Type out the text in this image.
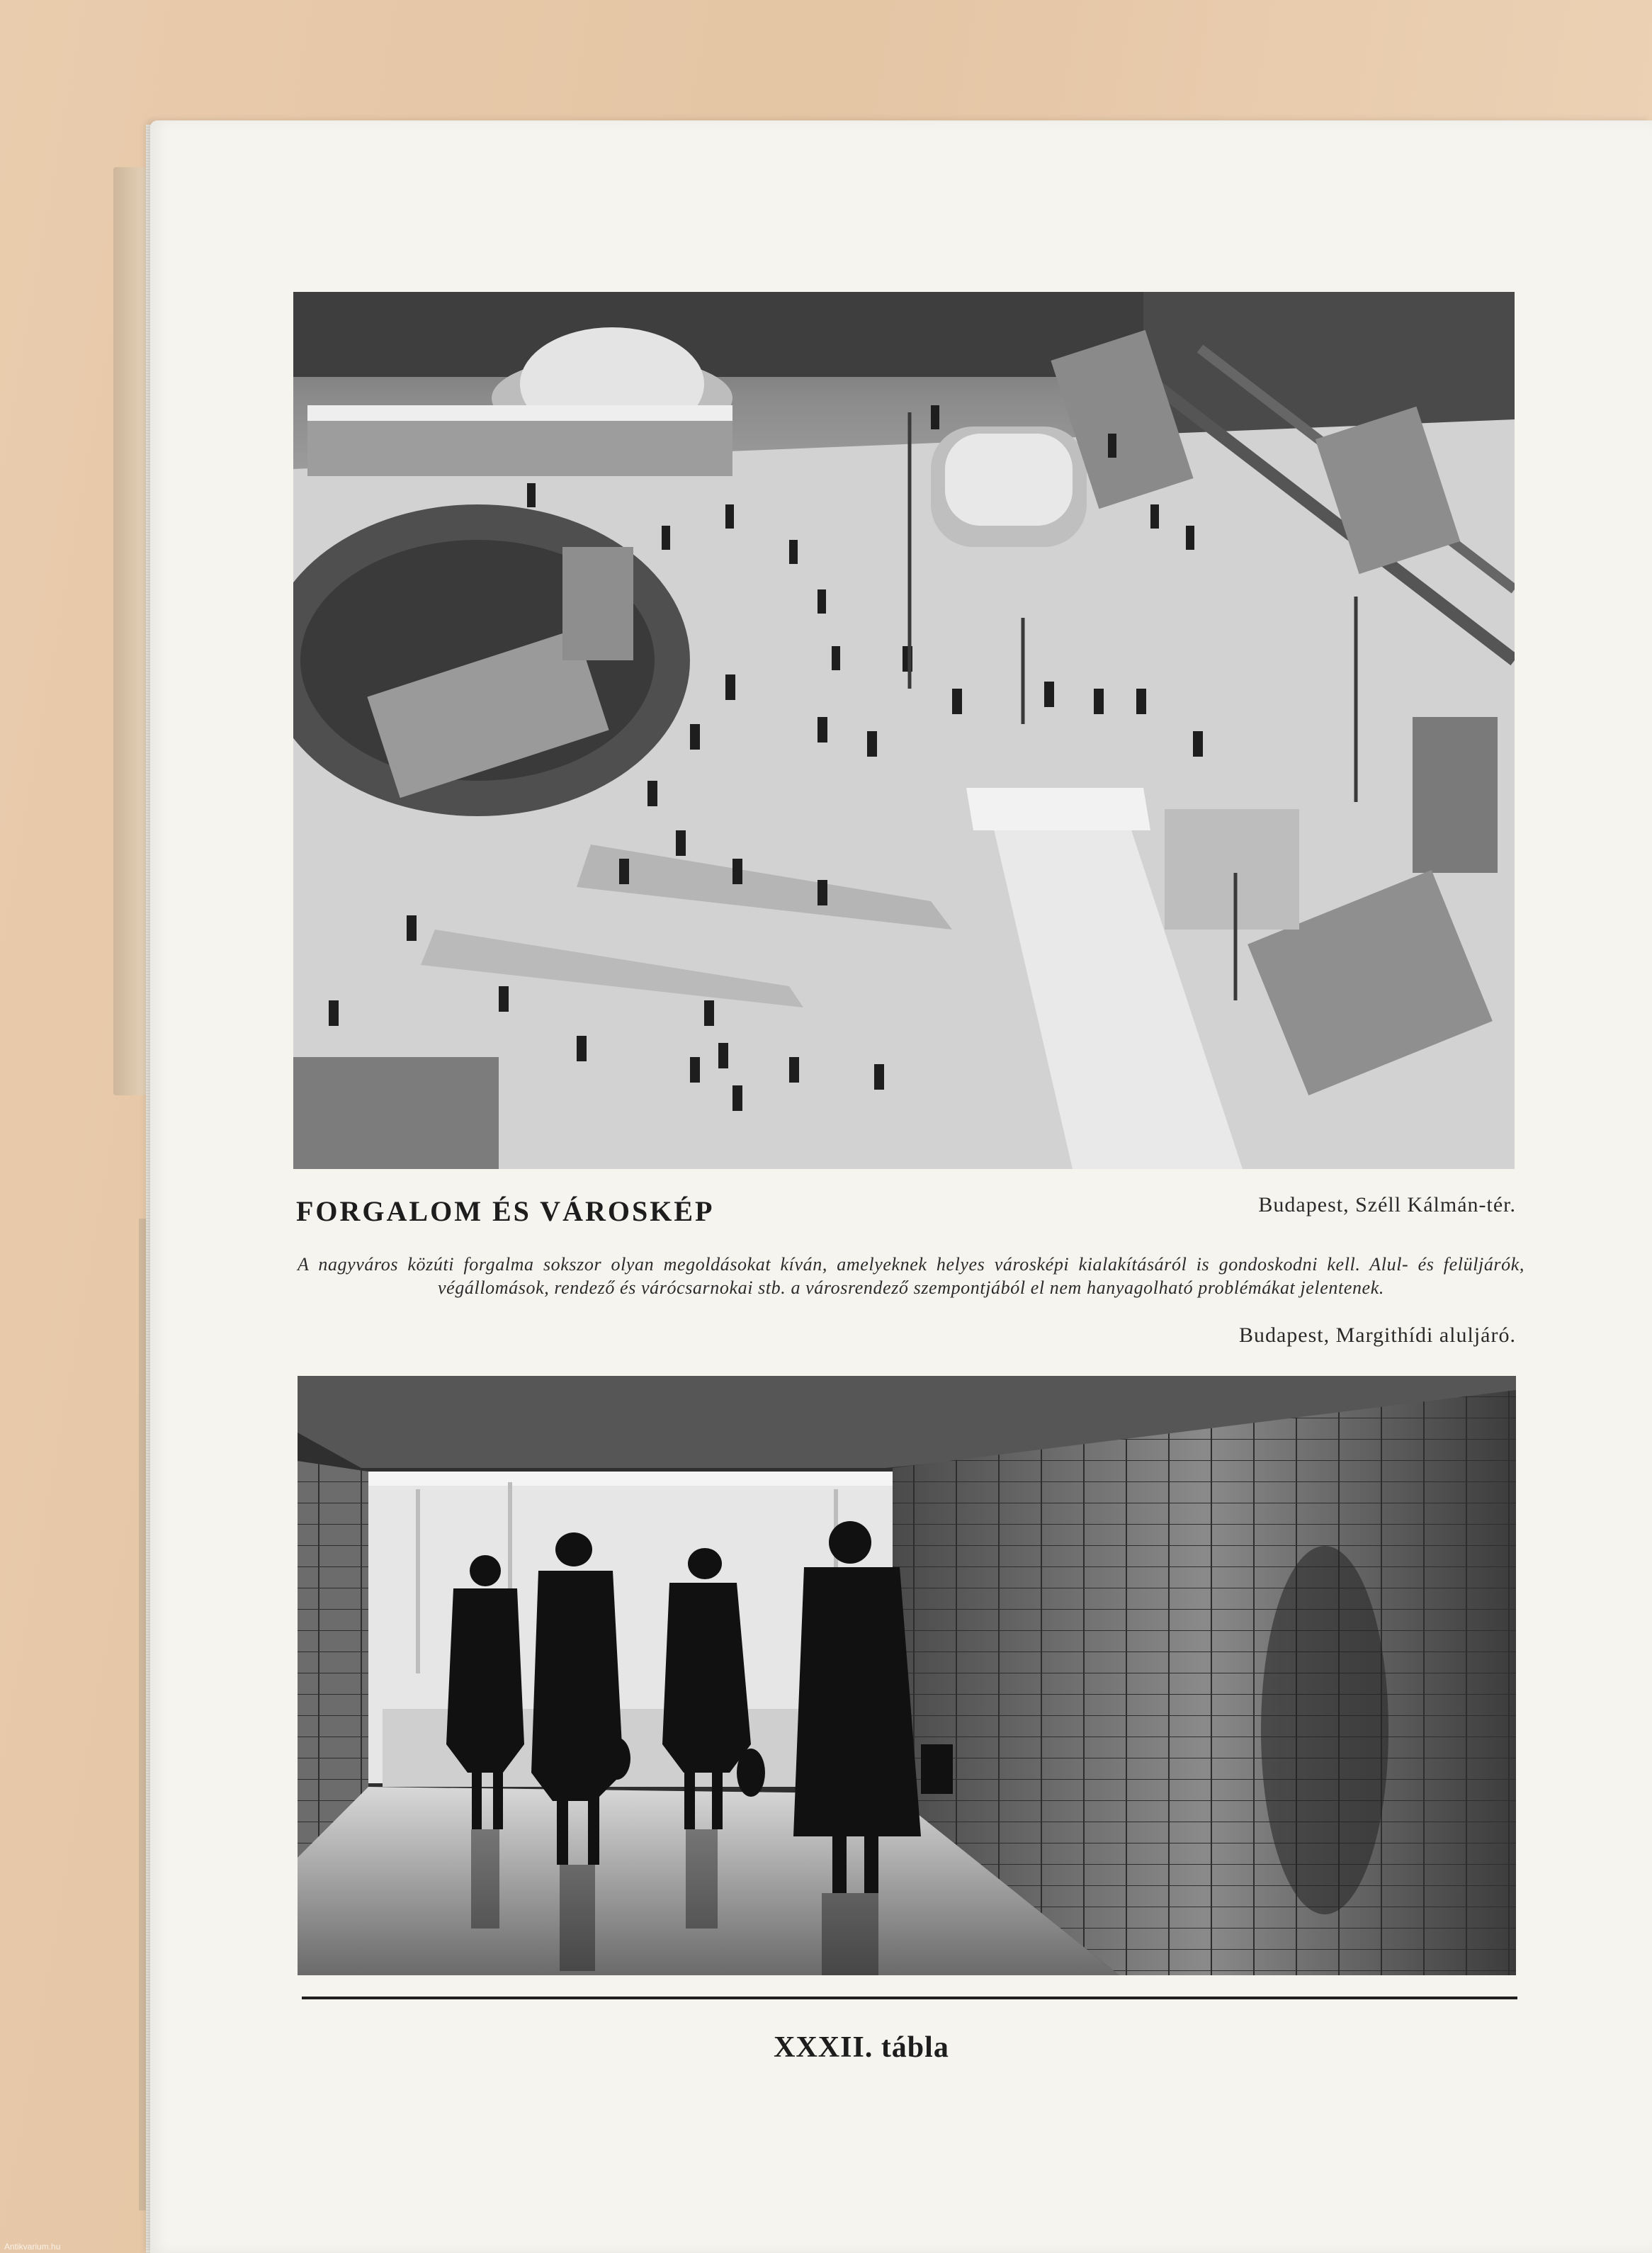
FORGALOM ÉS VÁROSKÉP	Budapest, Széll Kálmán-tér.
A nagyváros közúti forgalma sokszor olyan megoldásokat kíván, amelyeknek helyes városképi kialakításáról is gondoskodni kell. Alul- és felüljárók, végállomások, rendező és várócsarnokai stb. a városrendező szempontjából el nem hanyagolható problémákat jelentenek.
Budapest, Margithídi aluljáró.
XXXII. tábla
Antikvarium.hu
